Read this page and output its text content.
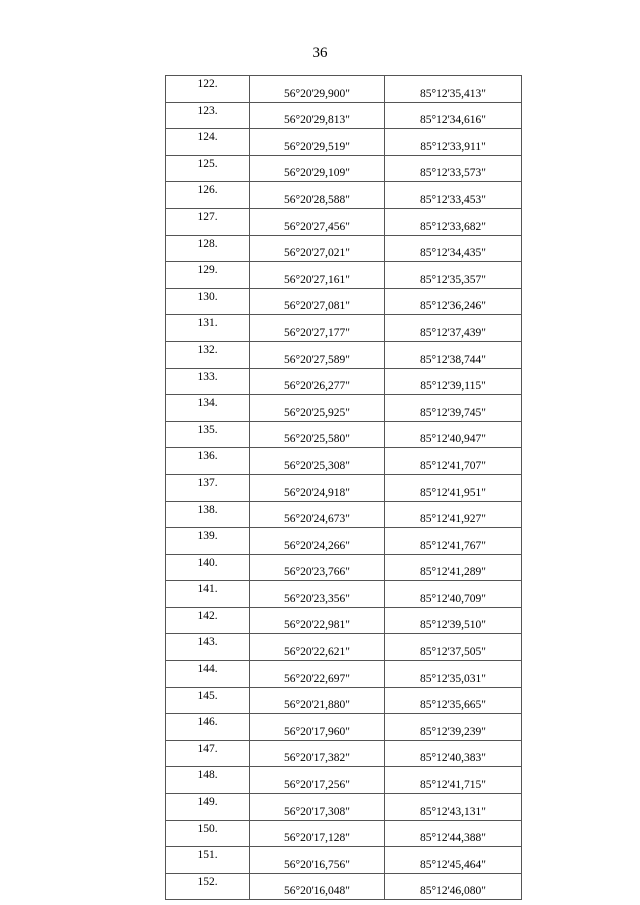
36
122.	56°20'29,900"	85°12'35,413"
123.	56°20'29,813"	85°12'34,616"
124.	56°20'29,519"	85°12'33,911"
125.	56°20'29,109"	85°12'33,573"
126.	56°20'28,588"	85°12'33,453"
127.	56°20'27,456"	85°12'33,682"
128.	56°20'27,021"	85°12'34,435"
129.	56°20'27,161"	85°12'35,357"
130.	56°20'27,081"	85°12'36,246"
131.	56°20'27,177"	85°12'37,439"
132.	56°20'27,589"	85°12'38,744"
133.	56°20'26,277"	85°12'39,115"
134.	56°20'25,925"	85°12'39,745"
135.	56°20'25,580"	85°12'40,947"
136.	56°20'25,308"	85°12'41,707"
137.	56°20'24,918"	85°12'41,951"
138.	56°20'24,673"	85°12'41,927"
139.	56°20'24,266"	85°12'41,767"
140.	56°20'23,766"	85°12'41,289"
141.	56°20'23,356"	85°12'40,709"
142.	56°20'22,981"	85°12'39,510"
143.	56°20'22,621"	85°12'37,505"
144.	56°20'22,697"	85°12'35,031"
145.	56°20'21,880"	85°12'35,665"
146.	56°20'17,960"	85°12'39,239"
147.	56°20'17,382"	85°12'40,383"
148.	56°20'17,256"	85°12'41,715"
149.	56°20'17,308"	85°12'43,131"
150.	56°20'17,128"	85°12'44,388"
151.	56°20'16,756"	85°12'45,464"
152.	56°20'16,048"	85°12'46,080"
